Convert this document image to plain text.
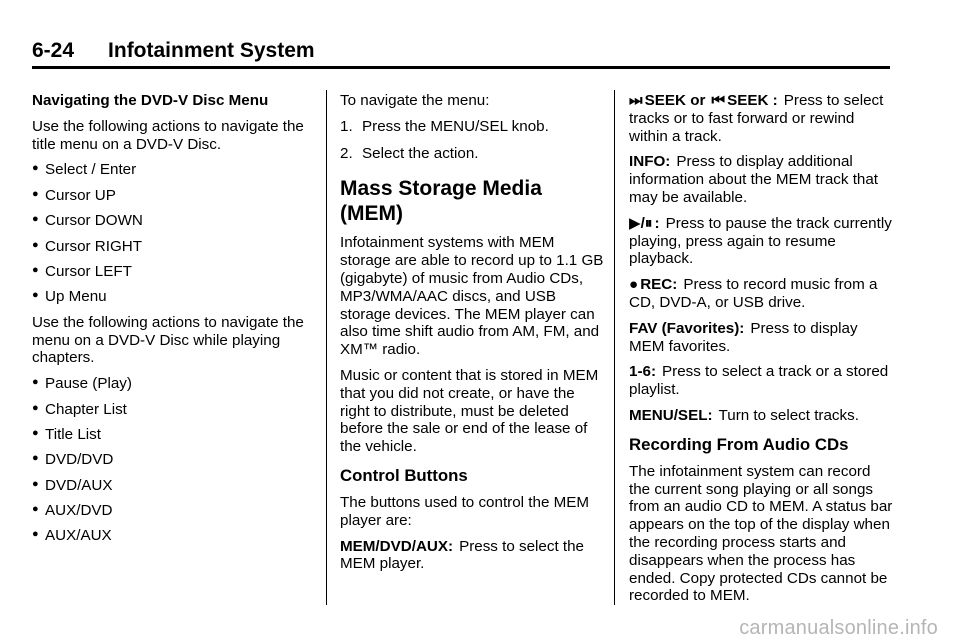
6-24 Infotainment System

Navigating the DVD-V Disc Menu

Use the following actions to navigate the title menu on a DVD-V Disc.

● Select / Enter
● Cursor UP
● Cursor DOWN
● Cursor RIGHT
● Cursor LEFT
● Up Menu

Use the following actions to navigate the menu on a DVD-V Disc while playing chapters.

● Pause (Play)
● Chapter List
● Title List
● DVD/DVD
● DVD/AUX
● AUX/DVD
● AUX/AUX

To navigate the menu:

1. Press the MENU/SEL knob.
2. Select the action.
Mass Storage Media (MEM)

Infotainment systems with MEM storage are able to record up to 1.1 GB (gigabyte) of music from Audio CDs, MP3/WMA/AAC discs, and USB storage devices. The MEM player can also time shift audio from AM, FM, and XM™ radio.

Music or content that is stored in MEM that you did not create, or have the right to distribute, must be deleted before the sale or end of the lease of the vehicle.

Control Buttons

The buttons used to control the MEM player are:

MEM/DVD/AUX: Press to select the MEM player.

⏭ SEEK or ⏮ SEEK : Press to select tracks or to fast forward or rewind within a track.

INFO: Press to display additional information about the MEM track that may be available.

▶/⏸ : Press to pause the track currently playing, press again to resume playback.

● REC: Press to record music from a CD, DVD-A, or USB drive.

FAV (Favorites): Press to display MEM favorites.

1-6: Press to select a track or a stored playlist.

MENU/SEL: Turn to select tracks.

Recording From Audio CDs

The infotainment system can record the current song playing or all songs from an audio CD to MEM. A status bar appears on the top of the display when the recording process starts and disappears when the process has ended. Copy protected CDs cannot be recorded to MEM.

carmanualsonline.info
